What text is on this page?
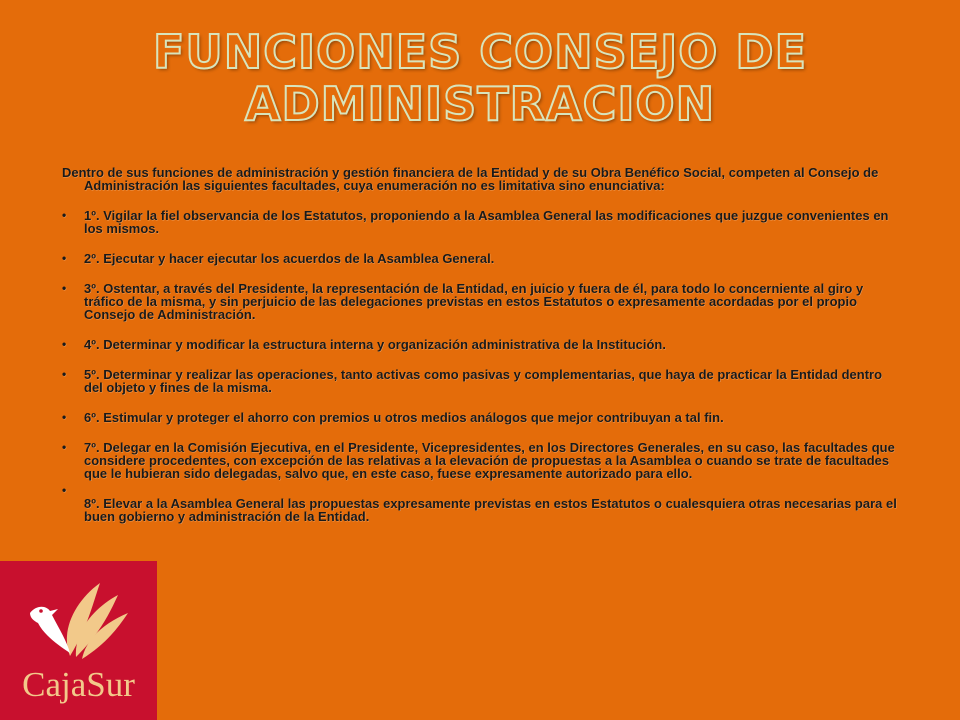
FUNCIONES CONSEJO DE
ADMINISTRACION

Dentro de sus funciones de administración y gestión financiera de la Entidad y de su Obra Benéfico Social, competen al Consejo de Administración las siguientes facultades, cuya enumeración no es limitativa sino enunciativa:

• 1º. Vigilar la fiel observancia de los Estatutos, proponiendo a la Asamblea General las modificaciones que juzgue convenientes en los mismos.
• 2º. Ejecutar y hacer ejecutar los acuerdos de la Asamblea General.
• 3º. Ostentar, a través del Presidente, la representación de la Entidad, en juicio y fuera de él, para todo lo concerniente al giro y tráfico de la misma, y sin perjuicio de las delegaciones previstas en estos Estatutos o expresamente acordadas por el propio Consejo de Administración.
• 4º. Determinar y modificar la estructura interna y organización administrativa de la Institución.
• 5º. Determinar y realizar las operaciones, tanto activas como pasivas y complementarias, que haya de practicar la Entidad dentro del objeto y fines de la misma.
• 6º. Estimular y proteger el ahorro con premios u otros medios análogos que mejor contribuyan a tal fin.
• 7º. Delegar en la Comisión Ejecutiva, en el Presidente, Vicepresidentes, en los Directores Generales, en su caso, las facultades que considere procedentes, con excepción de las relativas a la elevación de propuestas a la Asamblea o cuando se trate de facultades que le hubieran sido delegadas, salvo que, en este caso, fuese expresamente autorizado para ello.
•
8º. Elevar a la Asamblea General las propuestas expresamente previstas en estos Estatutos o cualesquiera otras necesarias para el buen gobierno y administración de la Entidad.
CajaSur
